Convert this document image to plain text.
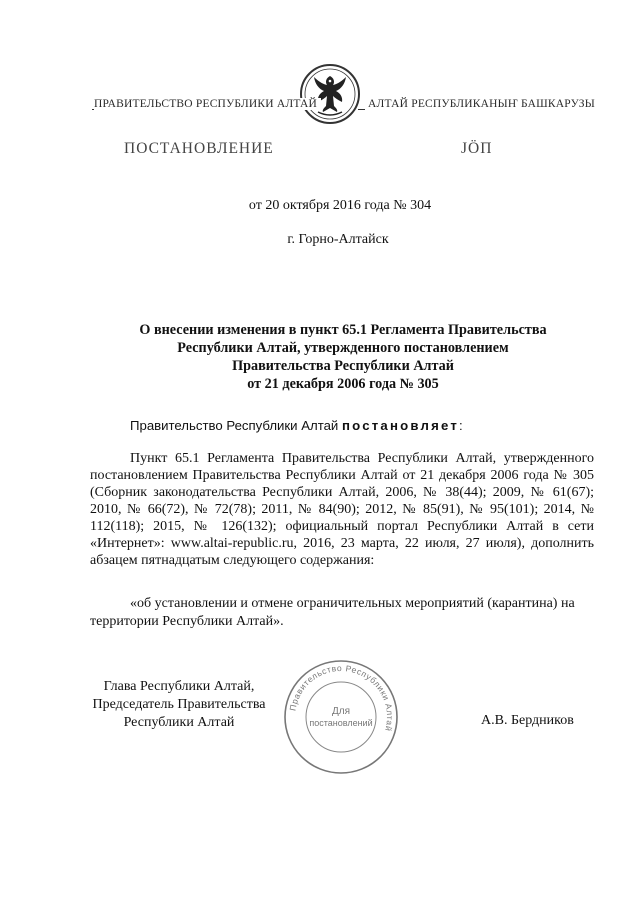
ПРАВИТЕЛЬСТВО РЕСПУБЛИКИ АЛТАЙ	АЛТАЙ РЕСПУБЛИКАНЫҤ БАШКАРУЗЫ
ПОСТАНОВЛЕНИЕ	JÖП
от 20 октября 2016 года № 304
г. Горно-Алтайск
О внесении изменения в пункт 65.1 Регламента Правительства
Республики Алтай, утвержденного постановлением
Правительства Республики Алтай
от 21 декабря 2006 года № 305
Правительство Республики Алтай постановляет:

Пункт 65.1 Регламента Правительства Республики Алтай, утвержденного постановлением Правительства Республики Алтай от 21 декабря 2006 года № 305 (Сборник законодательства Республики Алтай, 2006, № 38(44); 2009, № 61(67); 2010, № 66(72), № 72(78); 2011, № 84(90); 2012, № 85(91), № 95(101); 2014, № 112(118); 2015, № 126(132); официальный портал Республики Алтай в сети «Интернет»: www.altai-republic.ru, 2016, 23 марта, 22 июля, 27 июля), дополнить абзацем пятнадцатым следующего содержания:

«об установлении и отмене ограничительных мероприятий (карантина) на территории Республики Алтай».

Глава Республики Алтай,
Председатель Правительства
Республики Алтай	А.В. Бердников
Правительство Республики Алтай
Для
постановлений
